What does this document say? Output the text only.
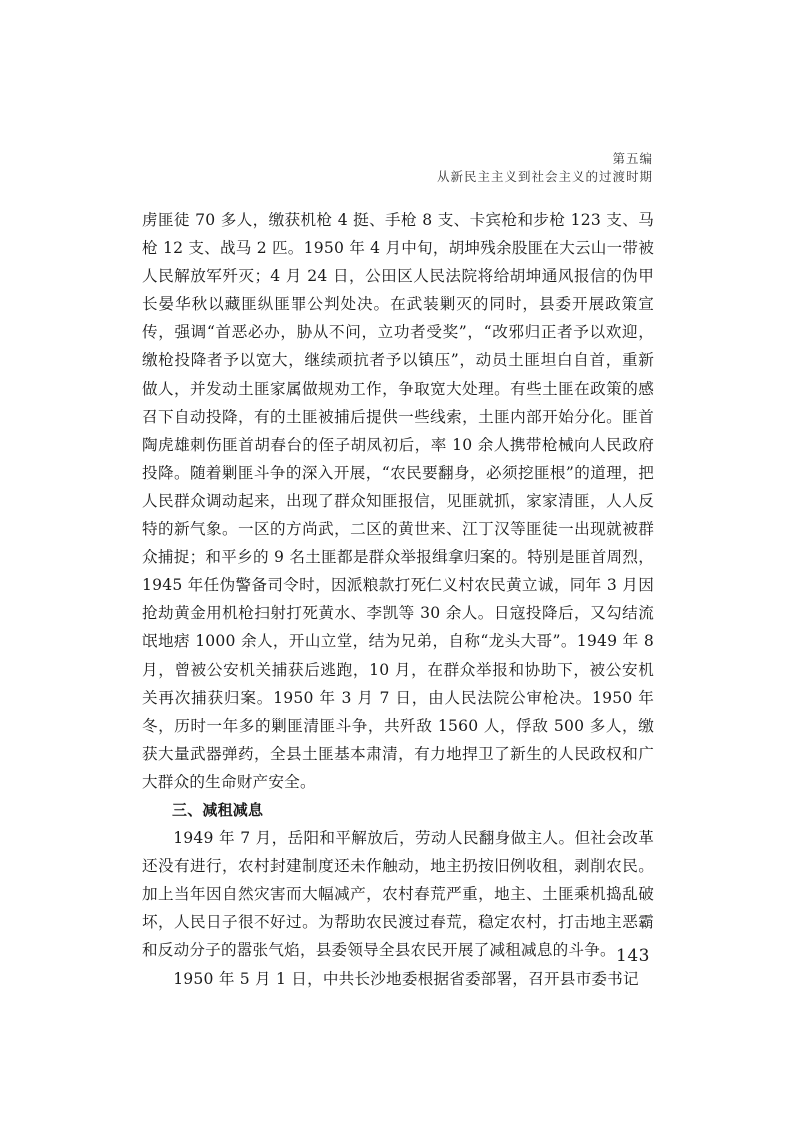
第五编
从新民主主义到社会主义的过渡时期

虏匪徒 70 多人，缴获机枪 4 挺、手枪 8 支、卡宾枪和步枪 123 支、马枪 12 支、战马 2 匹。1950 年 4 月中旬，胡坤残余股匪在大云山一带被人民解放军歼灭；4 月 24 日，公田区人民法院将给胡坤通风报信的伪甲长晏华秋以藏匪纵匪罪公判处决。在武装剿灭的同时，县委开展政策宣传，强调“首恶必办，胁从不问，立功者受奖”，“改邪归正者予以欢迎，缴枪投降者予以宽大，继续顽抗者予以镇压”，动员土匪坦白自首，重新做人，并发动土匪家属做规劝工作，争取宽大处理。有些土匪在政策的感召下自动投降，有的土匪被捕后提供一些线索，土匪内部开始分化。匪首陶虎雄刺伤匪首胡春台的侄子胡凤初后，率 10 余人携带枪械向人民政府投降。随着剿匪斗争的深入开展，“农民要翻身，必须挖匪根”的道理，把人民群众调动起来，出现了群众知匪报信，见匪就抓，家家清匪，人人反特的新气象。一区的方尚武，二区的黄世来、江丁汉等匪徒一出现就被群众捕捉；和平乡的 9 名土匪都是群众举报缉拿归案的。特别是匪首周烈，1945 年任伪警备司令时，因派粮款打死仁义村农民黄立诚，同年 3 月因抢劫黄金用机枪扫射打死黄水、李凯等 30 余人。日寇投降后，又勾结流氓地痞 1000 余人，开山立堂，结为兄弟，自称“龙头大哥”。1949 年 8 月，曾被公安机关捕获后逃跑，10 月，在群众举报和协助下，被公安机关再次捕获归案。1950 年 3 月 7 日，由人民法院公审枪决。1950 年冬，历时一年多的剿匪清匪斗争，共歼敌 1560 人，俘敌 500 多人，缴获大量武器弹药，全县土匪基本肃清，有力地捍卫了新生的人民政权和广大群众的生命财产安全。

三、减租减息

1949 年 7 月，岳阳和平解放后，劳动人民翻身做主人。但社会改革还没有进行，农村封建制度还未作触动，地主扔按旧例收租，剥削农民。加上当年因自然灾害而大幅减产，农村春荒严重，地主、土匪乘机捣乱破坏，人民日子很不好过。为帮助农民渡过春荒，稳定农村，打击地主恶霸和反动分子的嚣张气焰，县委领导全县农民开展了减租减息的斗争。

1950 年 5 月 1 日，中共长沙地委根据省委部署，召开县市委书记

143
